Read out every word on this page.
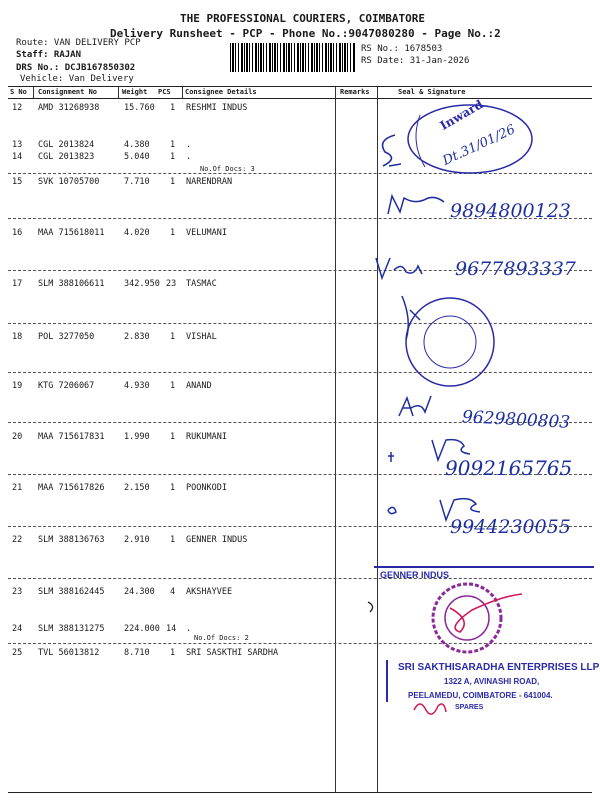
THE PROFESSIONAL COURIERS, COIMBATORE
Delivery Runsheet - PCP - Phone No.:9047080280 - Page No.:2
Route: VAN DELIVERY PCP
Staff: RAJAN
DRS No.: DCJB167850302
Vehicle: Van Delivery
RS No.: 1678503
RS Date: 31-Jan-2026
S No Consignment No	Weight PCS Consignee Details	Remarks	Seal & Signature
12 AMD 31268938	15.760 1 RESHMI INDUS
13 CGL 2013824	4.380 1 .
14 CGL 2013823	5.040 1 .
No.Of Docs: 3
15 SVK 10705700	7.710 1 NARENDRAN
16 MAA 715618011 4.020 1 VELUMANI
17 SLM 388106611 342.950 23 TASMAC
18 POL 3277050	2.830 1 VISHAL
19 KTG 7206067	4.930 1 ANAND
20 MAA 715617831 1.990 1 RUKUMANI
21 MAA 715617826 2.150 1 POONKODI
22 SLM 388136763 2.910 1 GENNER INDUS
23 SLM 388162445 24.300 4 AKSHAYVEE
24 SLM 388131275 224.000 14 .
No.Of Docs: 2
25 TVL 56013812	8.710 1 SRI SASKTHI SARDHA
Inward
Dt.31/01/26
9894800123
9677893337
9629800803
9092165765
9944230055
GENNER INDUS
SRI SAKTHISARADHA ENTERPRISES LLP
1322 A, AVINASHI ROAD,
PEELAMEDU, COIMBATORE - 641004.
SPARES
